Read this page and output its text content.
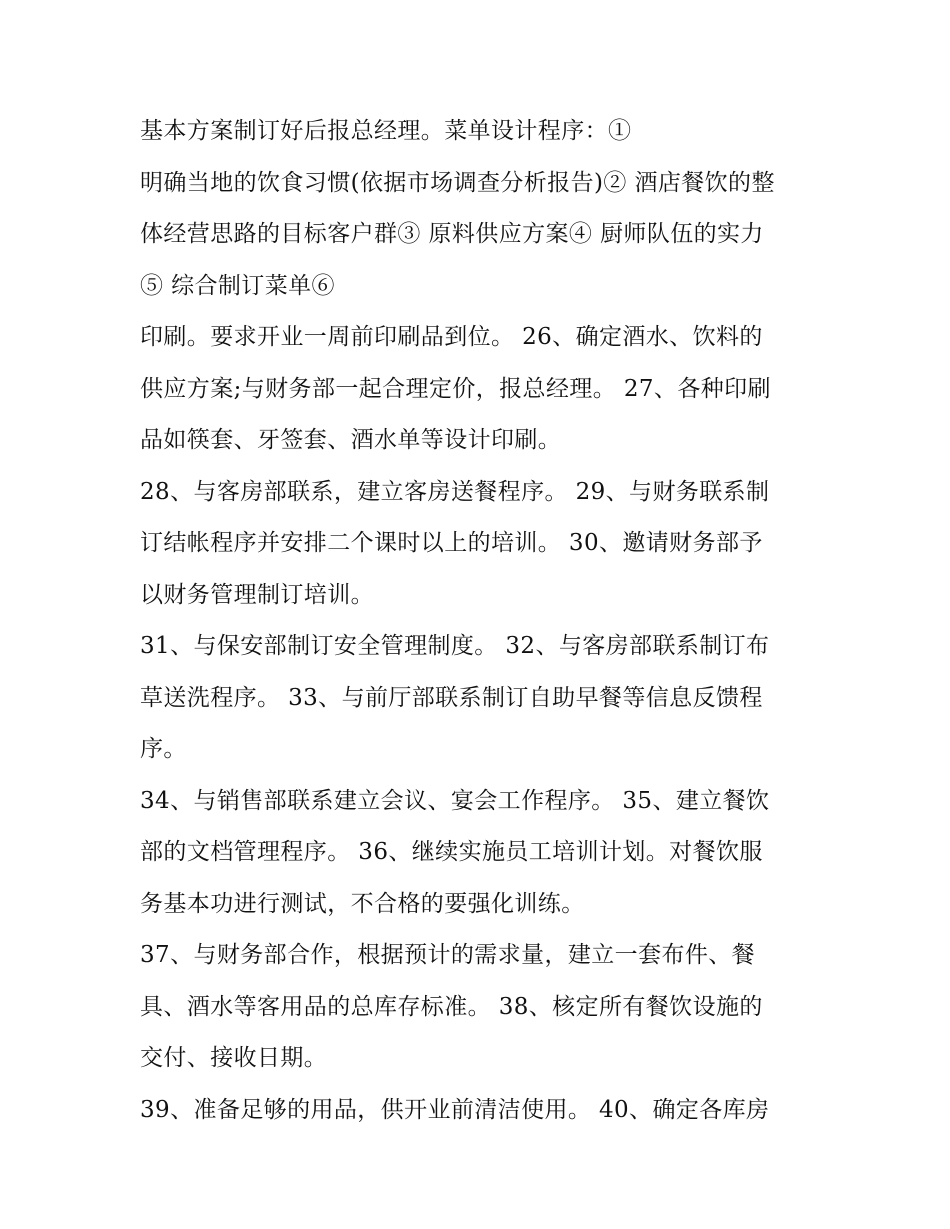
基本方案制订好后报总经理。菜单设计程序：①
明确当地的饮食习惯(依据市场调查分析报告)② 酒店餐饮的整
体经营思路的目标客户群③ 原料供应方案④ 厨师队伍的实力
⑤ 综合制订菜单⑥
印刷。要求开业一周前印刷品到位。 26、确定酒水、饮料的
供应方案;与财务部一起合理定价，报总经理。 27、各种印刷
品如筷套、牙签套、酒水单等设计印刷。
28、与客房部联系，建立客房送餐程序。 29、与财务联系制
订结帐程序并安排二个课时以上的培训。 30、邀请财务部予
以财务管理制订培训。
31、与保安部制订安全管理制度。 32、与客房部联系制订布
草送洗程序。 33、与前厅部联系制订自助早餐等信息反馈程
序。
34、与销售部联系建立会议、宴会工作程序。 35、建立餐饮
部的文档管理程序。 36、继续实施员工培训计划。对餐饮服
务基本功进行测试，不合格的要强化训练。
37、与财务部合作，根据预计的需求量，建立一套布件、餐
具、酒水等客用品的总库存标准。 38、核定所有餐饮设施的
交付、接收日期。
39、准备足够的用品，供开业前清洁使用。 40、确定各库房
